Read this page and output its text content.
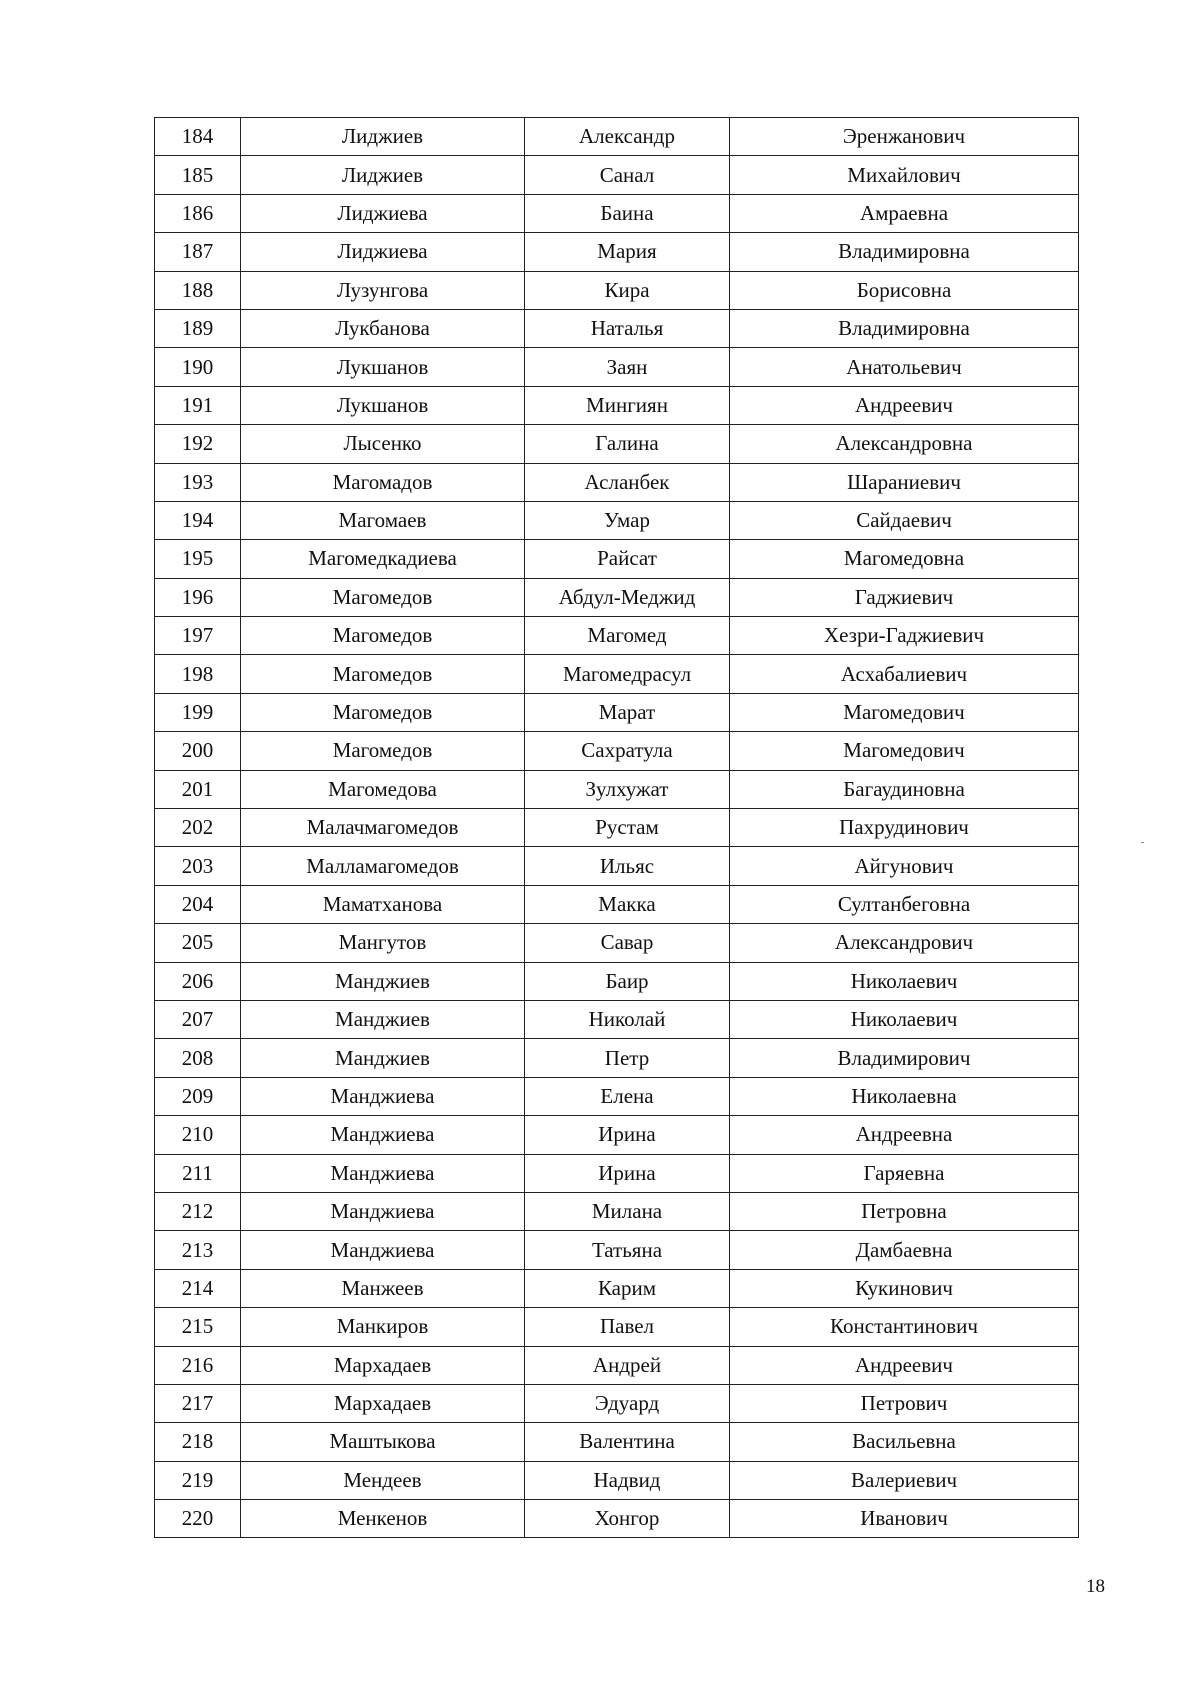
184	Лиджиев	Александр	Эренжанович
185	Лиджиев	Санал	Михайлович
186	Лиджиева	Баина	Амраевна
187	Лиджиева	Мария	Владимировна
188	Лузунгова	Кира	Борисовна
189	Лукбанова	Наталья	Владимировна
190	Лукшанов	Заян	Анатольевич
191	Лукшанов	Мингиян	Андреевич
192	Лысенко	Галина	Александровна
193	Магомадов	Асланбек	Шараниевич
194	Магомаев	Умар	Сайдаевич
195	Магомедкадиева	Райсат	Магомедовна
196	Магомедов	Абдул-Меджид	Гаджиевич
197	Магомедов	Магомед	Хезри-Гаджиевич
198	Магомедов	Магомедрасул	Асхабалиевич
199	Магомедов	Марат	Магомедович
200	Магомедов	Сахратула	Магомедович
201	Магомедова	Зулхужат	Багаудиновна
202	Малачмагомедов	Рустам	Пахрудинович
203	Малламагомедов	Ильяс	Айгунович
204	Маматханова	Макка	Султанбеговна
205	Мангутов	Савар	Александрович
206	Манджиев	Баир	Николаевич
207	Манджиев	Николай	Николаевич
208	Манджиев	Петр	Владимирович
209	Манджиева	Елена	Николаевна
210	Манджиева	Ирина	Андреевна
211	Манджиева	Ирина	Гаряевна
212	Манджиева	Милана	Петровна
213	Манджиева	Татьяна	Дамбаевна
214	Манжеев	Карим	Кукинович
215	Манкиров	Павел	Константинович
216	Мархадаев	Андрей	Андреевич
217	Мархадаев	Эдуард	Петрович
218	Маштыкова	Валентина	Васильевна
219	Мендеев	Надвид	Валериевич
220	Менкенов	Хонгор	Иванович
18
